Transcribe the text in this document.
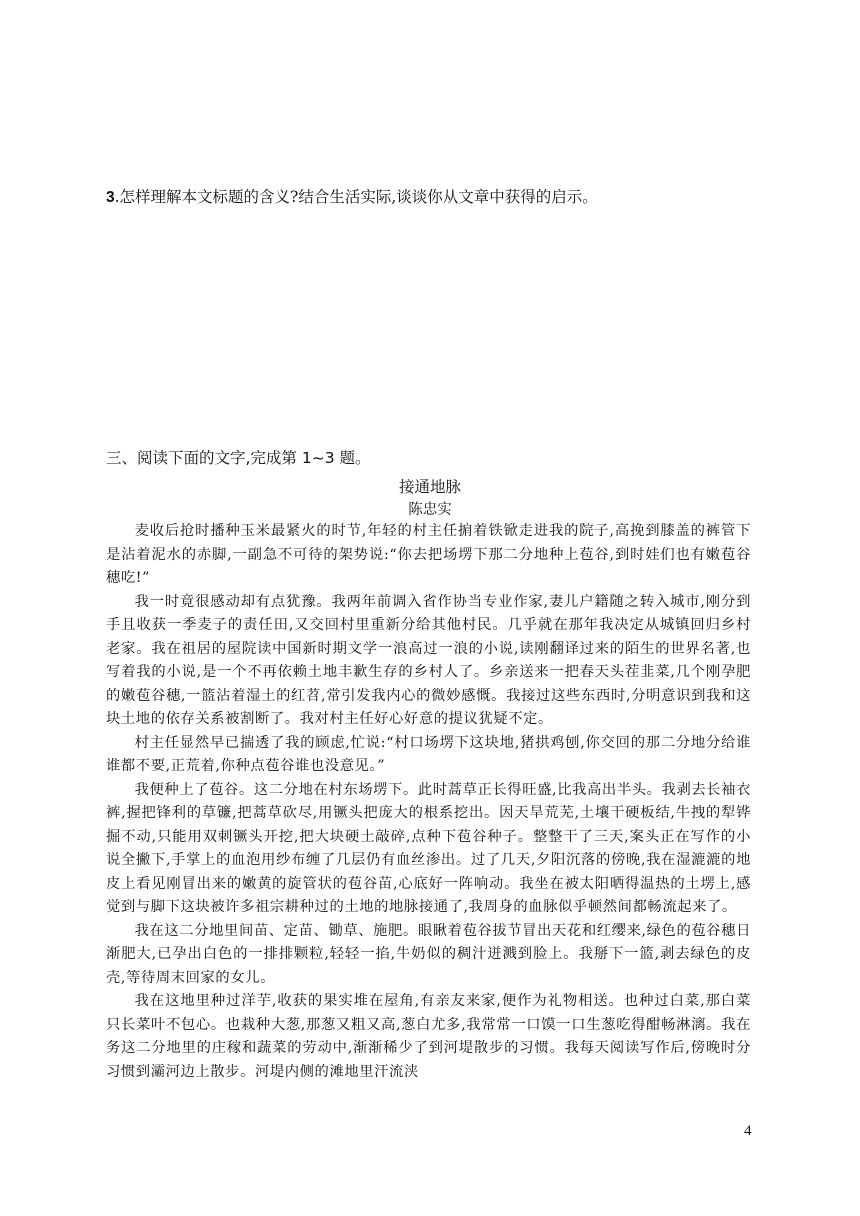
3.怎样理解本文标题的含义?结合生活实际,谈谈你从文章中获得的启示。
三、阅读下面的文字,完成第 1~3 题。
接通地脉
陈忠实

麦收后抢时播种玉米最紧火的时节,年轻的村主任掮着铁锨走进我的院子,高挽到膝盖的裤管下是沾着泥水的赤脚,一副急不可待的架势说:“你去把场塄下那二分地种上苞谷,到时娃们也有嫩苞谷穗吃!”

我一时竟很感动却有点犹豫。我两年前调入省作协当专业作家,妻儿户籍随之转入城市,刚分到手且收获一季麦子的责任田,又交回村里重新分给其他村民。几乎就在那年我决定从城镇回归乡村老家。我在祖居的屋院读中国新时期文学一浪高过一浪的小说,读刚翻译过来的陌生的世界名著,也写着我的小说,是一个不再依赖土地丰歉生存的乡村人了。乡亲送来一把春天头茬韭菜,几个刚孕肥的嫩苞谷穗,一篮沾着湿土的红苕,常引发我内心的微妙感慨。我接过这些东西时,分明意识到我和这块土地的依存关系被割断了。我对村主任好心好意的提议犹疑不定。

村主任显然早已揣透了我的顾虑,忙说:“村口场塄下这块地,猪拱鸡刨,你交回的那二分地分给谁谁都不要,正荒着,你种点苞谷谁也没意见。”

我便种上了苞谷。这二分地在村东场塄下。此时蒿草正长得旺盛,比我高出半头。我剥去长袖衣裤,握把锋利的草镰,把蒿草砍尽,用镢头把庞大的根系挖出。因天旱荒芜,土壤干硬板结,牛拽的犁铧掘不动,只能用双刺镢头开挖,把大块硬土敲碎,点种下苞谷种子。整整干了三天,案头正在写作的小说全撇下,手掌上的血泡用纱布缠了几层仍有血丝渗出。过了几天,夕阳沉落的傍晚,我在湿漉漉的地皮上看见刚冒出来的嫩黄的旋管状的苞谷苗,心底好一阵响动。我坐在被太阳晒得温热的土塄上,感觉到与脚下这块被许多祖宗耕种过的土地的地脉接通了,我周身的血脉似乎顿然间都畅流起来了。

我在这二分地里间苗、定苗、锄草、施肥。眼瞅着苞谷拔节冒出天花和红缨来,绿色的苞谷穗日渐肥大,已孕出白色的一排排颗粒,轻轻一掐,牛奶似的稠汁迸溅到脸上。我掰下一篮,剥去绿色的皮壳,等待周末回家的女儿。

我在这地里种过洋芋,收获的果实堆在屋角,有亲友来家,便作为礼物相送。也种过白菜,那白菜只长菜叶不包心。也栽种大葱,那葱又粗又高,葱白尤多,我常常一口馍一口生葱吃得酣畅淋漓。我在务这二分地里的庄稼和蔬菜的劳动中,渐渐稀少了到河堤散步的习惯。我每天阅读写作后,傍晚时分习惯到灞河边上散步。河堤内侧的滩地里汗流浃

4
